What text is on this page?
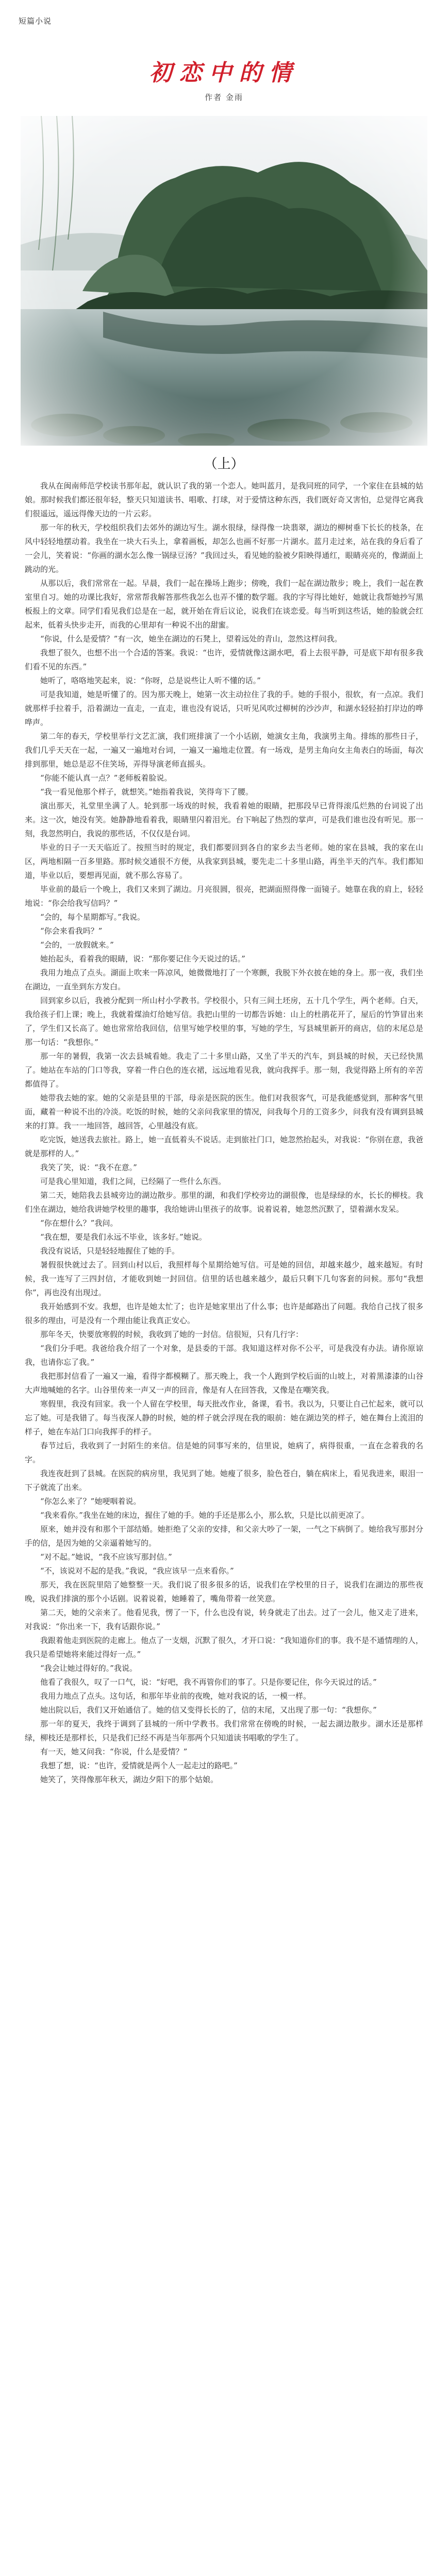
短篇小说
初恋中的情
作者 金雨
（上）

我从在闽南师范学校读书那年起，就认识了我的第一个恋人。她叫蓝月，是我同班的同学，一个家住在县城的姑娘。那时候我们都还很年轻，整天只知道读书、唱歌、打球，对于爱情这种东西，我们既好奇又害怕，总觉得它离我们很遥远，遥远得像天边的一片云彩。

那一年的秋天，学校组织我们去郊外的湖边写生。湖水很绿，绿得像一块翡翠，湖边的柳树垂下长长的枝条，在风中轻轻地摆动着。我坐在一块大石头上，拿着画板，却怎么也画不好那一片湖水。蓝月走过来，站在我的身后看了一会儿，笑着说：“你画的湖水怎么像一锅绿豆汤？”我回过头，看见她的脸被夕阳映得通红，眼睛亮亮的，像湖面上跳动的光。

从那以后，我们常常在一起。早晨，我们一起在操场上跑步；傍晚，我们一起在湖边散步；晚上，我们一起在教室里自习。她的功课比我好，常常帮我解答那些我怎么也弄不懂的数学题。我的字写得比她好，她就让我帮她抄写黑板报上的文章。同学们看见我们总是在一起，就开始在背后议论，说我们在谈恋爱。每当听到这些话，她的脸就会红起来，低着头快步走开，而我的心里却有一种说不出的甜蜜。

“你说，什么是爱情？”有一次，她坐在湖边的石凳上，望着远处的青山，忽然这样问我。

我想了很久，也想不出一个合适的答案。我说：“也许，爱情就像这湖水吧，看上去很平静，可是底下却有很多我们看不见的东西。”

她听了，咯咯地笑起来，说：“你呀，总是说些让人听不懂的话。”

可是我知道，她是听懂了的。因为那天晚上，她第一次主动拉住了我的手。她的手很小，很软，有一点凉。我们就那样手拉着手，沿着湖边一直走，一直走，谁也没有说话，只听见风吹过柳树的沙沙声，和湖水轻轻拍打岸边的哗哗声。

第二年的春天，学校里举行文艺汇演，我们班排演了一个小话剧，她演女主角，我演男主角。排练的那些日子，我们几乎天天在一起，一遍又一遍地对台词，一遍又一遍地走位置。有一场戏，是男主角向女主角表白的场面，每次排到那里，她总是忍不住笑场，弄得导演老师直摇头。

“你能不能认真一点？”老师板着脸说。

“我一看见他那个样子，就想笑。”她指着我说，笑得弯下了腰。

演出那天，礼堂里坐满了人。轮到那一场戏的时候，我看着她的眼睛，把那段早已背得滚瓜烂熟的台词说了出来。这一次，她没有笑。她静静地看着我，眼睛里闪着泪光。台下响起了热烈的掌声，可是我们谁也没有听见。那一刻，我忽然明白，我说的那些话，不仅仅是台词。

毕业的日子一天天临近了。按照当时的规定，我们都要回到各自的家乡去当老师。她的家在县城，我的家在山区，两地相隔一百多里路。那时候交通很不方便，从我家到县城，要先走二十多里山路，再坐半天的汽车。我们都知道，毕业以后，要想再见面，就不那么容易了。

毕业前的最后一个晚上，我们又来到了湖边。月亮很圆，很亮，把湖面照得像一面镜子。她靠在我的肩上，轻轻地说：“你会给我写信吗？”

“会的，每个星期都写。”我说。

“你会来看我吗？”

“会的，一放假就来。”

她抬起头，看着我的眼睛，说：“那你要记住今天说过的话。”

我用力地点了点头。湖面上吹来一阵凉风，她微微地打了一个寒颤，我脱下外衣披在她的身上。那一夜，我们坐在湖边，一直坐到东方发白。

回到家乡以后，我被分配到一所山村小学教书。学校很小，只有三间土坯房，五十几个学生，两个老师。白天，我给孩子们上课；晚上，我就着煤油灯给她写信。我把山里的一切都告诉她：山上的杜鹃花开了，屋后的竹笋冒出来了，学生们又长高了。她也常常给我回信，信里写她学校里的事，写她的学生，写县城里新开的商店，信的末尾总是那一句话：“我想你。”

那一年的暑假，我第一次去县城看她。我走了二十多里山路，又坐了半天的汽车，到县城的时候，天已经快黑了。她站在车站的门口等我，穿着一件白色的连衣裙，远远地看见我，就向我挥手。那一刻，我觉得路上所有的辛苦都值得了。

她带我去她的家。她的父亲是县里的干部，母亲是医院的医生。他们对我很客气，可是我能感觉到，那种客气里面，藏着一种说不出的冷淡。吃饭的时候，她的父亲问我家里的情况，问我每个月的工资多少，问我有没有调到县城来的打算。我一一地回答，越回答，心里越没有底。

吃完饭，她送我去旅社。路上，她一直低着头不说话。走到旅社门口，她忽然抬起头，对我说：“你别在意，我爸就是那样的人。”

我笑了笑，说：“我不在意。”

可是我心里知道，我们之间，已经隔了一些什么东西。

第二天，她陪我去县城旁边的湖边散步。那里的湖，和我们学校旁边的湖很像，也是绿绿的水，长长的柳枝。我们坐在湖边，她给我讲她学校里的趣事，我给她讲山里孩子的故事。说着说着，她忽然沉默了，望着湖水发呆。

“你在想什么？”我问。

“我在想，要是我们永远不毕业，该多好。”她说。

我没有说话，只是轻轻地握住了她的手。

暑假很快就过去了。回到山村以后，我照样每个星期给她写信。可是她的回信，却越来越少，越来越短。有时候，我一连写了三四封信，才能收到她一封回信。信里的话也越来越少，最后只剩下几句客套的问候。那句“我想你”，再也没有出现过。

我开始感到不安。我想，也许是她太忙了；也许是她家里出了什么事；也许是邮路出了问题。我给自己找了很多很多的理由，可是没有一个理由能让我真正安心。

那年冬天，快要放寒假的时候，我收到了她的一封信。信很短，只有几行字：

“我们分手吧。我爸给我介绍了一个对象，是县委的干部。我知道这样对你不公平，可是我没有办法。请你原谅我，也请你忘了我。”

我把那封信看了一遍又一遍，看得字都模糊了。那天晚上，我一个人跑到学校后面的山坡上，对着黑漆漆的山谷大声地喊她的名字。山谷里传来一声又一声的回音，像是有人在回答我，又像是在嘲笑我。

寒假里，我没有回家。我一个人留在学校里，每天批改作业，备课，看书。我以为，只要让自己忙起来，就可以忘了她。可是我错了。每当夜深人静的时候，她的样子就会浮现在我的眼前：她在湖边笑的样子，她在舞台上流泪的样子，她在车站门口向我挥手的样子。

春节过后，我收到了一封陌生的来信。信是她的同事写来的，信里说，她病了，病得很重，一直在念着我的名字。

我连夜赶到了县城。在医院的病房里，我见到了她。她瘦了很多，脸色苍白，躺在病床上，看见我进来，眼泪一下子就流了出来。

“你怎么来了？”她哽咽着说。

“我来看你。”我坐在她的床边，握住了她的手。她的手还是那么小，那么软，只是比以前更凉了。

原来，她并没有和那个干部结婚。她拒绝了父亲的安排，和父亲大吵了一架，一气之下病倒了。她给我写那封分手的信，是因为她的父亲逼着她写的。

“对不起。”她说，“我不应该写那封信。”

“不，该说对不起的是我。”我说，“我应该早一点来看你。”

那天，我在医院里陪了她整整一天。我们说了很多很多的话，说我们在学校里的日子，说我们在湖边的那些夜晚，说我们排演的那个小话剧。说着说着，她睡着了，嘴角带着一丝笑意。

第二天，她的父亲来了。他看见我，愣了一下，什么也没有说，转身就走了出去。过了一会儿，他又走了进来，对我说：“你出来一下，我有话跟你说。”

我跟着他走到医院的走廊上。他点了一支烟，沉默了很久，才开口说：“我知道你们的事。我不是不通情理的人，我只是希望她将来能过得好一点。”

“我会让她过得好的。”我说。

他看了我很久，叹了一口气，说：“好吧，我不再管你们的事了。只是你要记住，你今天说过的话。”

我用力地点了点头。这句话，和那年毕业前的夜晚，她对我说的话，一模一样。

她出院以后，我们又开始通信了。她的信又变得长长的了，信的末尾，又出现了那一句：“我想你。”

那一年的夏天，我终于调到了县城的一所中学教书。我们常常在傍晚的时候，一起去湖边散步。湖水还是那样绿，柳枝还是那样长，只是我们已经不再是当年那两个只知道读书唱歌的学生了。

有一天，她又问我：“你说，什么是爱情？”

我想了想，说：“也许，爱情就是两个人一起走过的路吧。”

她笑了，笑得像那年秋天，湖边夕阳下的那个姑娘。
